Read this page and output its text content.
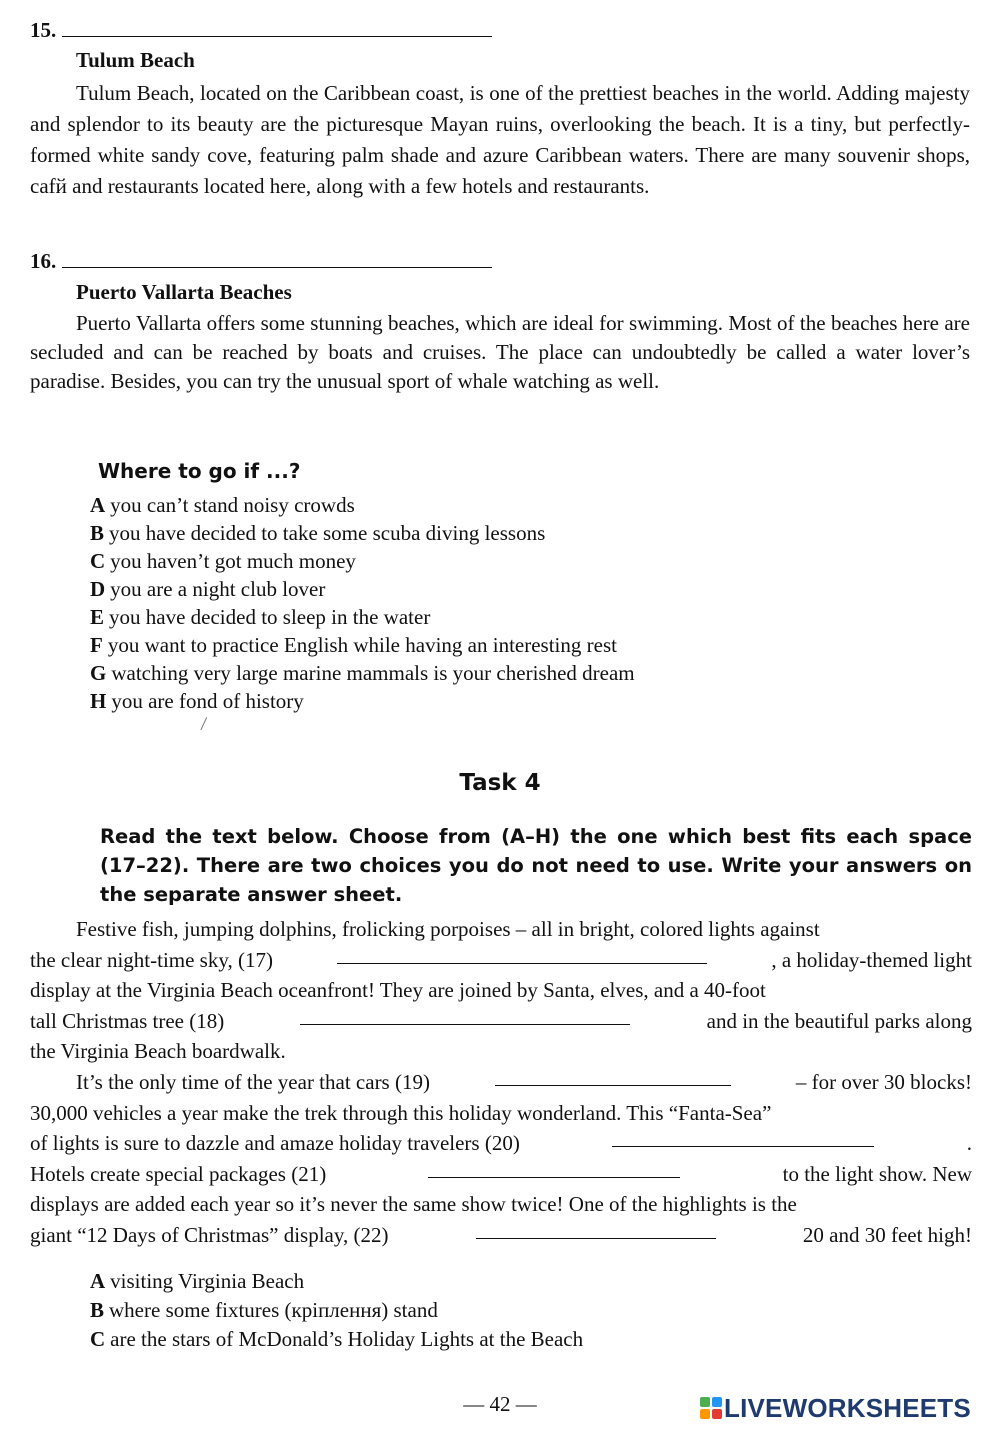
15.
Tulum Beach

Tulum Beach, located on the Caribbean coast, is one of the prettiest beaches in the world. Adding majesty and splendor to its beauty are the picturesque Mayan ruins, overlooking the beach. It is a tiny, but perfectly-formed white sandy cove, featuring palm shade and azure Caribbean waters. There are many souvenir shops, cafй and restaurants located here, along with a few hotels and restaurants.

16.
Puerto Vallarta Beaches

Puerto Vallarta offers some stunning beaches, which are ideal for swimming. Most of the beaches here are secluded and can be reached by boats and cruises. The place can undoubtedly be called a water lover’s paradise. Besides, you can try the unusual sport of whale watching as well.

Where to go if ...?
A you can’t stand noisy crowds
B you have decided to take some scuba diving lessons
C you haven’t got much money
D you are a night club lover
E you have decided to sleep in the water
F you want to practice English while having an interesting rest
G watching very large marine mammals is your cherished dream
H you are fond of history
Task 4
Read the text below. Choose from (A–H) the one which best fits each space (17–22). There are two choices you do not need to use. Write your answers on the separate answer sheet.
Festive fish, jumping dolphins, frolicking porpoises – all in bright, colored lights against
the clear night-time sky, (17)	, a holiday-themed light
display at the Virginia Beach oceanfront! They are joined by Santa, elves, and a 40-foot
tall Christmas tree (18)	and in the beautiful parks along
the Virginia Beach boardwalk.
It’s the only time of the year that cars (19)	– for over 30 blocks!
30,000 vehicles a year make the trek through this holiday wonderland. This “Fanta-Sea”
of lights is sure to dazzle and amaze holiday travelers (20)	.
Hotels create special packages (21)	to the light show. New
displays are added each year so it’s never the same show twice! One of the highlights is the
giant “12 Days of Christmas” display, (22)	20 and 30 feet high!
A visiting Virginia Beach
B where some fixtures (кріплення) stand
C are the stars of McDonald’s Holiday Lights at the Beach
— 42 —	LIVEWORKSHEETS
